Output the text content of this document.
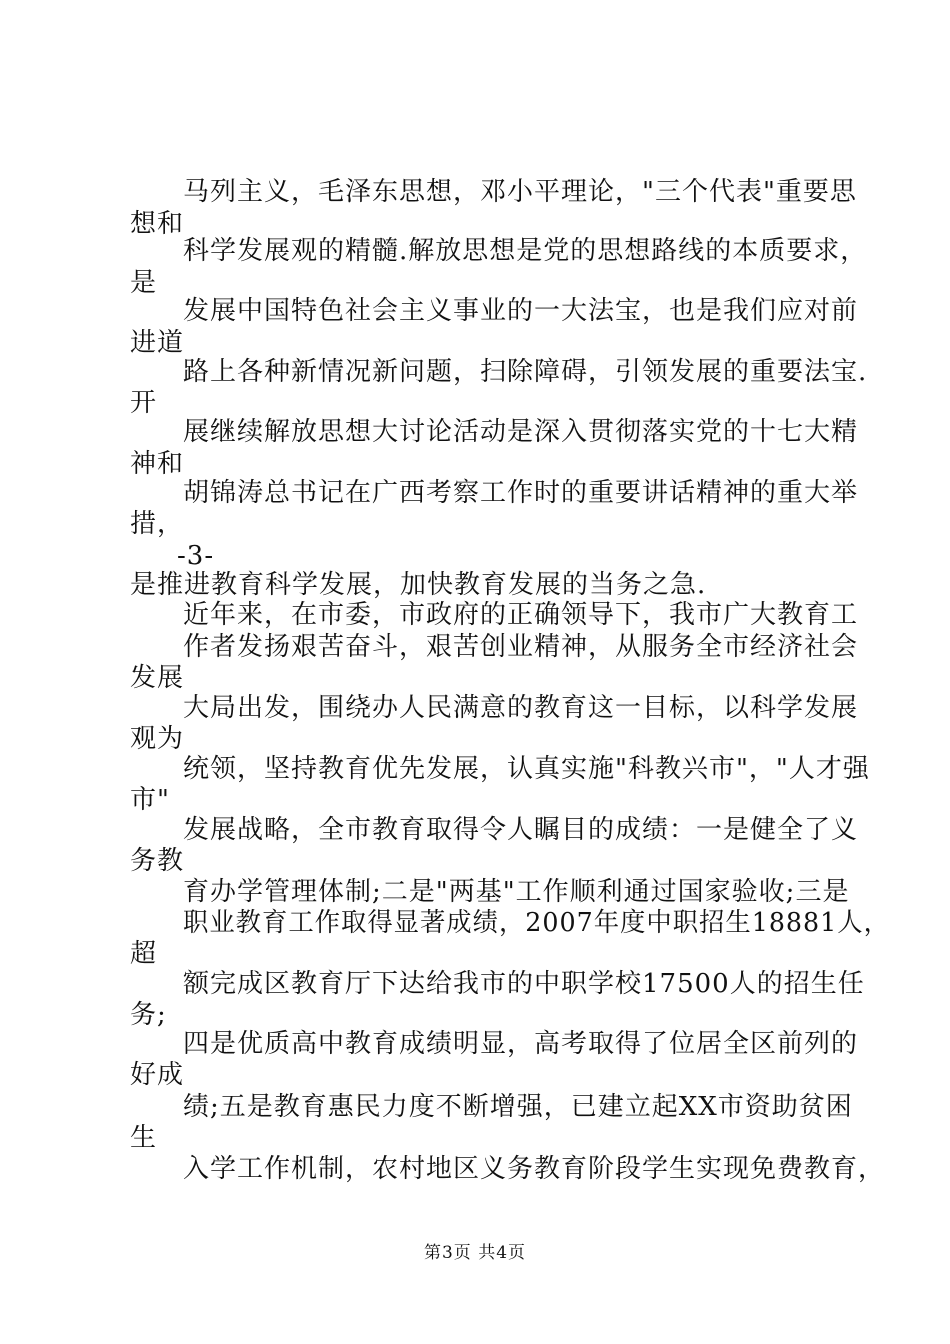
马列主义，毛泽东思想，邓小平理论，"三个代表"重要思
想和
科学发展观的精髓.解放思想是党的思想路线的本质要求，
是
发展中国特色社会主义事业的一大法宝，也是我们应对前
进道
路上各种新情况新问题，扫除障碍，引领发展的重要法宝.
开
展继续解放思想大讨论活动是深入贯彻落实党的十七大精
神和
胡锦涛总书记在广西考察工作时的重要讲话精神的重大举
措，
-3-
是推进教育科学发展，加快教育发展的当务之急.
近年来，在市委，市政府的正确领导下，我市广大教育工
作者发扬艰苦奋斗，艰苦创业精神，从服务全市经济社会
发展
大局出发，围绕办人民满意的教育这一目标，以科学发展
观为
统领，坚持教育优先发展，认真实施"科教兴市"，"人才强
市"
发展战略，全市教育取得令人瞩目的成绩：一是健全了义
务教
育办学管理体制;二是"两基"工作顺利通过国家验收;三是
职业教育工作取得显著成绩，2007年度中职招生18881人，
超
额完成区教育厅下达给我市的中职学校17500人的招生任
务;
四是优质高中教育成绩明显，高考取得了位居全区前列的
好成
绩;五是教育惠民力度不断增强，已建立起XX市资助贫困
生
入学工作机制，农村地区义务教育阶段学生实现免费教育，
第3页 共4页
